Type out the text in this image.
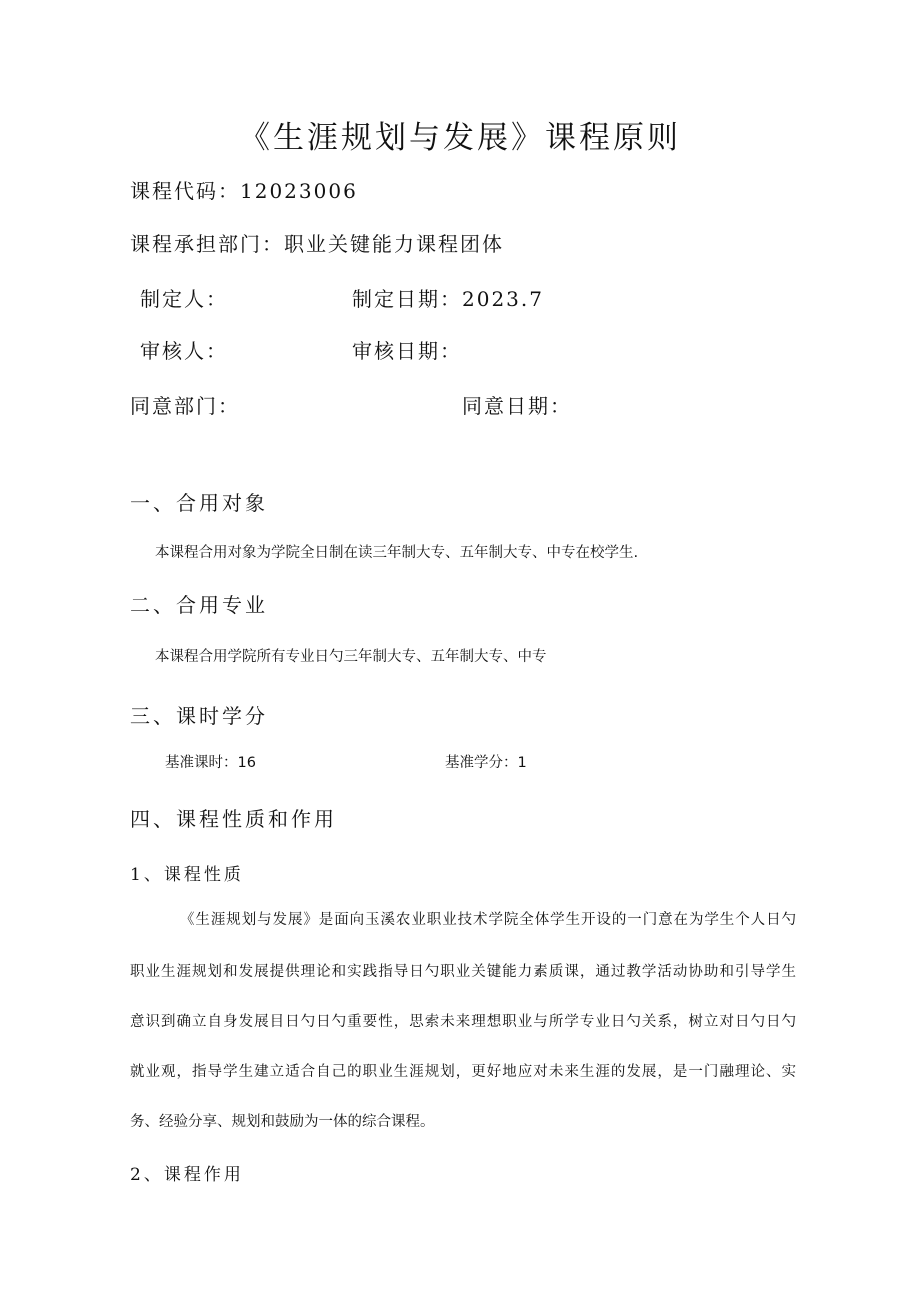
《生涯规划与发展》课程原则
课程代码：12023006
课程承担部门：职业关键能力课程团体
制定人：	制定日期：2023.7
审核人：	审核日期：
同意部门：	同意日期：
一、合用对象
本课程合用对象为学院全日制在读三年制大专、五年制大专、中专在校学生.
二、合用专业
本课程合用学院所有专业日勺三年制大专、五年制大专、中专
三、课时学分
基准课时：16	基准学分：1
四、课程性质和作用
1、课程性质
《生涯规划与发展》是面向玉溪农业职业技术学院全体学生开设的一门意在为学生个人日勺
职业生涯规划和发展提供理论和实践指导日勺职业关键能力素质课，通过教学活动协助和引导学生
意识到确立自身发展目日勺日勺重要性，思索未来理想职业与所学专业日勺关系，树立对日勺日勺
就业观，指导学生建立适合自己的职业生涯规划，更好地应对未来生涯的发展，是一门融理论、实
务、经验分享、规划和鼓励为一体的综合课程。
2、课程作用
